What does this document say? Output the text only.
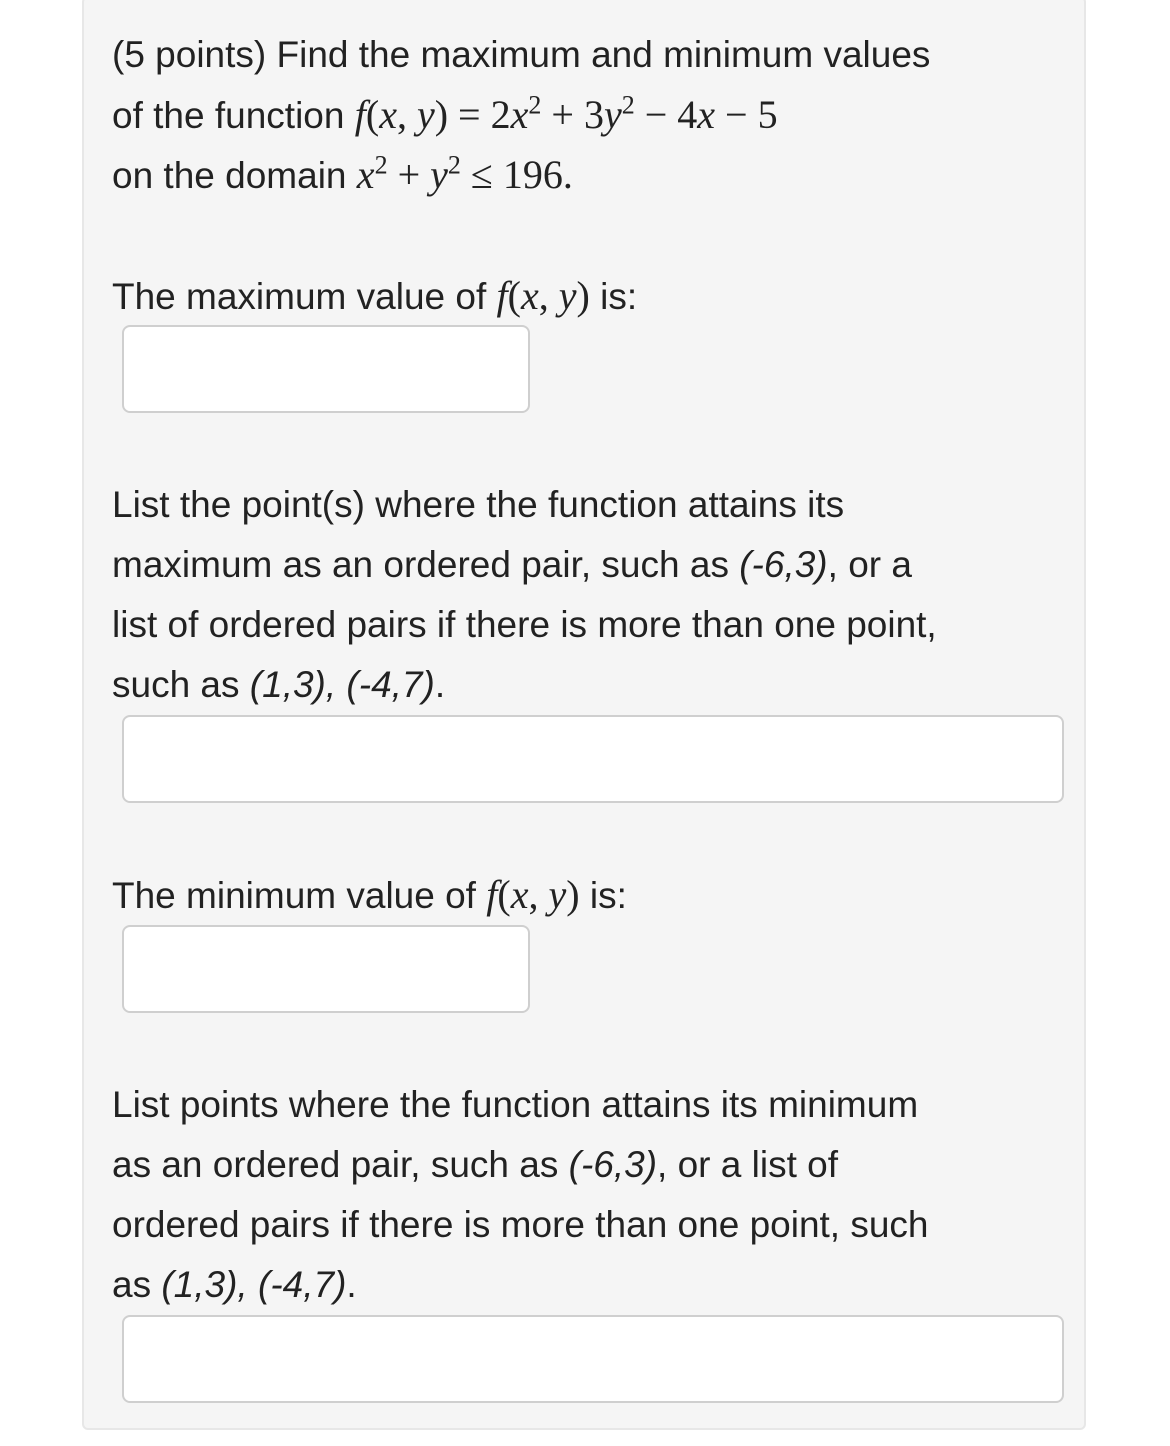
(5 points) Find the maximum and minimum values
of the function f(x, $y) = 2x^2 + 3y^2 - 4x - 5$
on the domain $x^2 + y^2 \le 196$.
The maximum value of f(x, y) is:
List the point(s) where the function attains its
maximum as an ordered pair, such as (-6,3), or a
list of ordered pairs if there is more than one point,
such as (1,3), (-4,7).
The minimum value of f(x, y) is:
List points where the function attains its minimum
as an ordered pair, such as (-6,3), or a list of
ordered pairs if there is more than one point, such
as (1,3), (-4,7).
